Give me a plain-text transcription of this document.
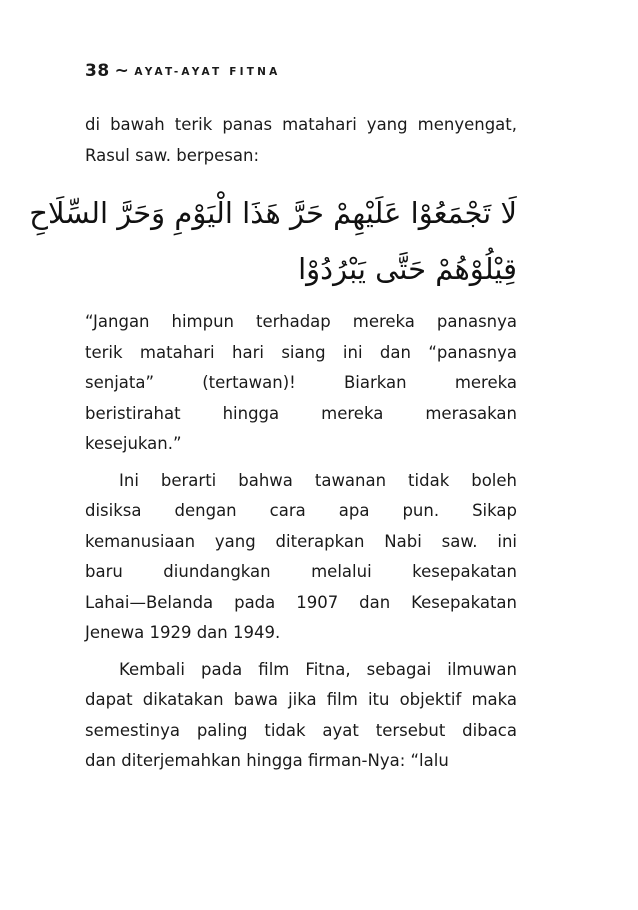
38 ~ AYAT-AYAT FITNA

di bawah terik panas matahari yang menyengat,

Rasul saw. berpesan:

لَا تَجْمَعُوْا عَلَيْهِمْ حَرَّ هَذَا الْيَوْمِ وَحَرَّ السِّلَاحِ
قِيْلُوْهُمْ حَتَّى يَبْرُدُوْا

“Jangan himpun terhadap mereka panasnya

terik matahari hari siang ini dan “panasnya

senjata” (tertawan)! Biarkan mereka

beristirahat hingga mereka merasakan

kesejukan.”

Ini berarti bahwa tawanan tidak boleh

disiksa dengan cara apa pun. Sikap

kemanusiaan yang diterapkan Nabi saw. ini

baru diundangkan melalui kesepakatan

Lahai—Belanda pada 1907 dan Kesepakatan

Jenewa 1929 dan 1949.

Kembali pada film Fitna, sebagai ilmuwan

dapat dikatakan bawa jika film itu objektif maka

semestinya paling tidak ayat tersebut dibaca

dan diterjemahkan hingga firman-Nya: “lalu
